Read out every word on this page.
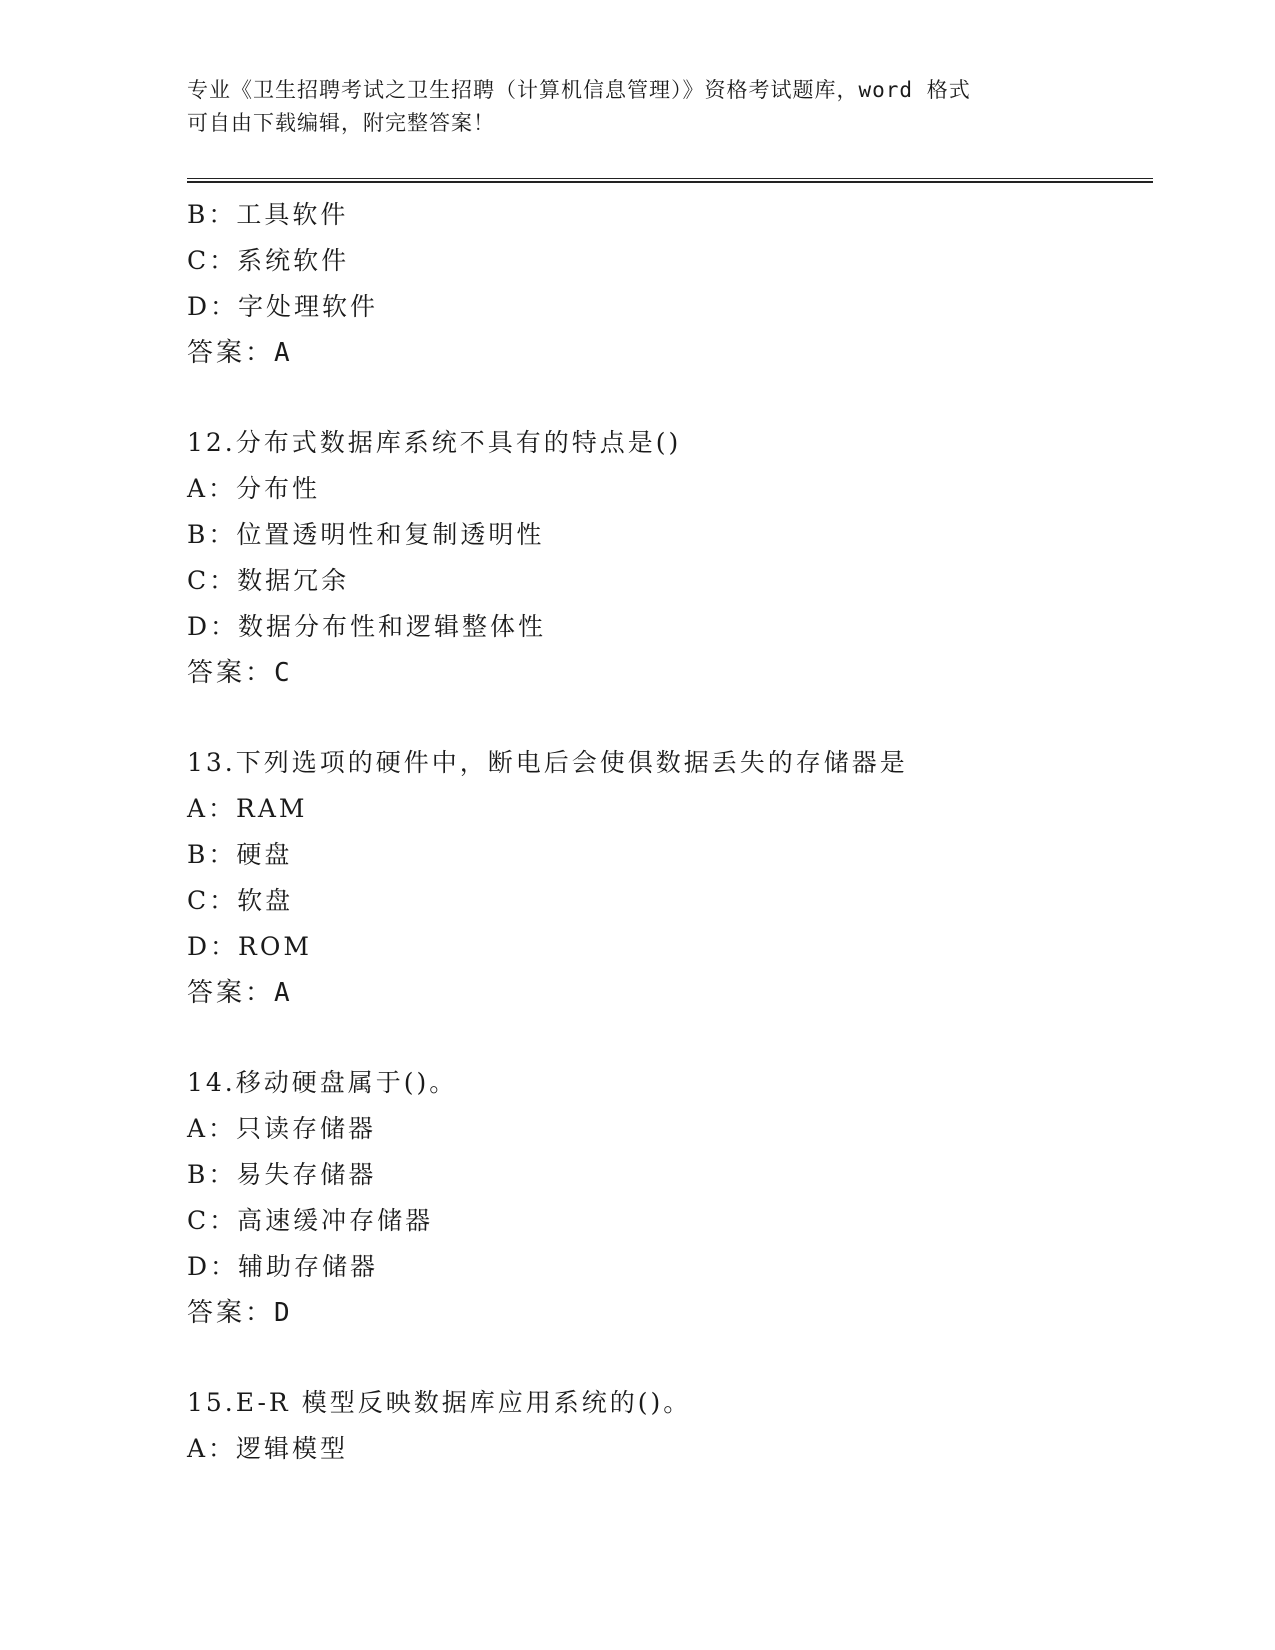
专业《卫生招聘考试之卫生招聘（计算机信息管理）》资格考试题库，word 格式
可自由下载编辑，附完整答案！
B：工具软件
C：系统软件
D：字处理软件
答案：A
12.分布式数据库系统不具有的特点是()
A：分布性
B：位置透明性和复制透明性
C：数据冗余
D：数据分布性和逻辑整体性
答案：C
13.下列选项的硬件中，断电后会使俱数据丢失的存储器是
A：RAM
B：硬盘
C：软盘
D：ROM
答案：A
14.移动硬盘属于()。
A：只读存储器
B：易失存储器
C：高速缓冲存储器
D：辅助存储器
答案：D
15.E-R 模型反映数据库应用系统的()。
A：逻辑模型
